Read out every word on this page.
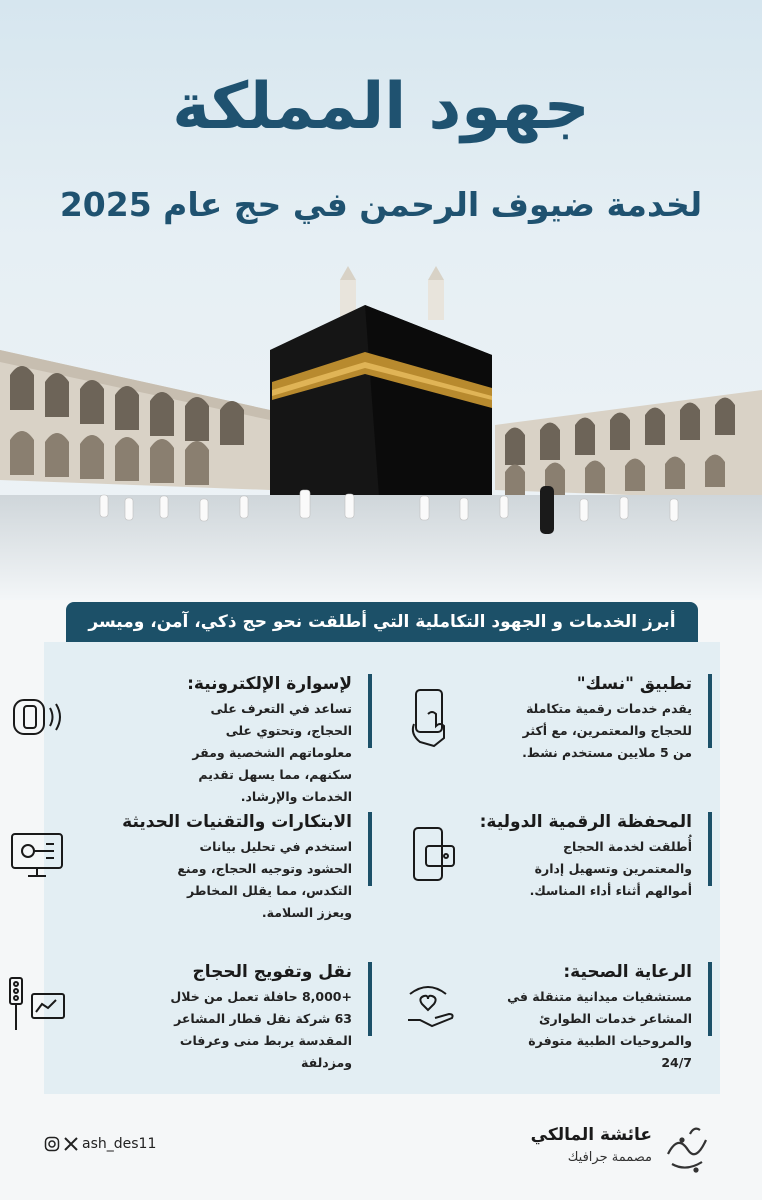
جهود المملكة
لخدمة ضيوف الرحمن في حج عام 2025
أبرز الخدمات و الجهود التكاملية التي أطلقت نحو حج ذكي، آمن، وميسر
تطبيق "نسك"

يقدم خدمات رقمية متكاملة للحجاج والمعتمرين، مع أكثر من 5 ملايين مستخدم نشط.

لإسوارة الإلكترونية:

تساعد في التعرف على الحجاج، وتحتوي على معلوماتهم الشخصية ومقر سكنهم، مما يسهل تقديم الخدمات والإرشاد.

المحفظة الرقمية الدولية:

أُطلقت لخدمة الحجاج والمعتمرين وتسهيل إدارة أموالهم أثناء أداء المناسك.

الابتكارات والتقنيات الحديثة

استخدم في تحليل بيانات الحشود وتوجيه الحجاج، ومنع التكدس، مما يقلل المخاطر ويعزز السلامة.

الرعاية الصحية:

مستشفيات ميدانية متنقلة في المشاعر خدمات الطوارئ والمروحيات الطبية متوفرة 24/7

نقل وتفويج الحجاج

+8,000 حافلة تعمل من خلال 63 شركة نقل قطار المشاعر المقدسة يربط منى وعرفات ومزدلفة

ash_des11	عائشة المالكي
مصممة جرافيك
